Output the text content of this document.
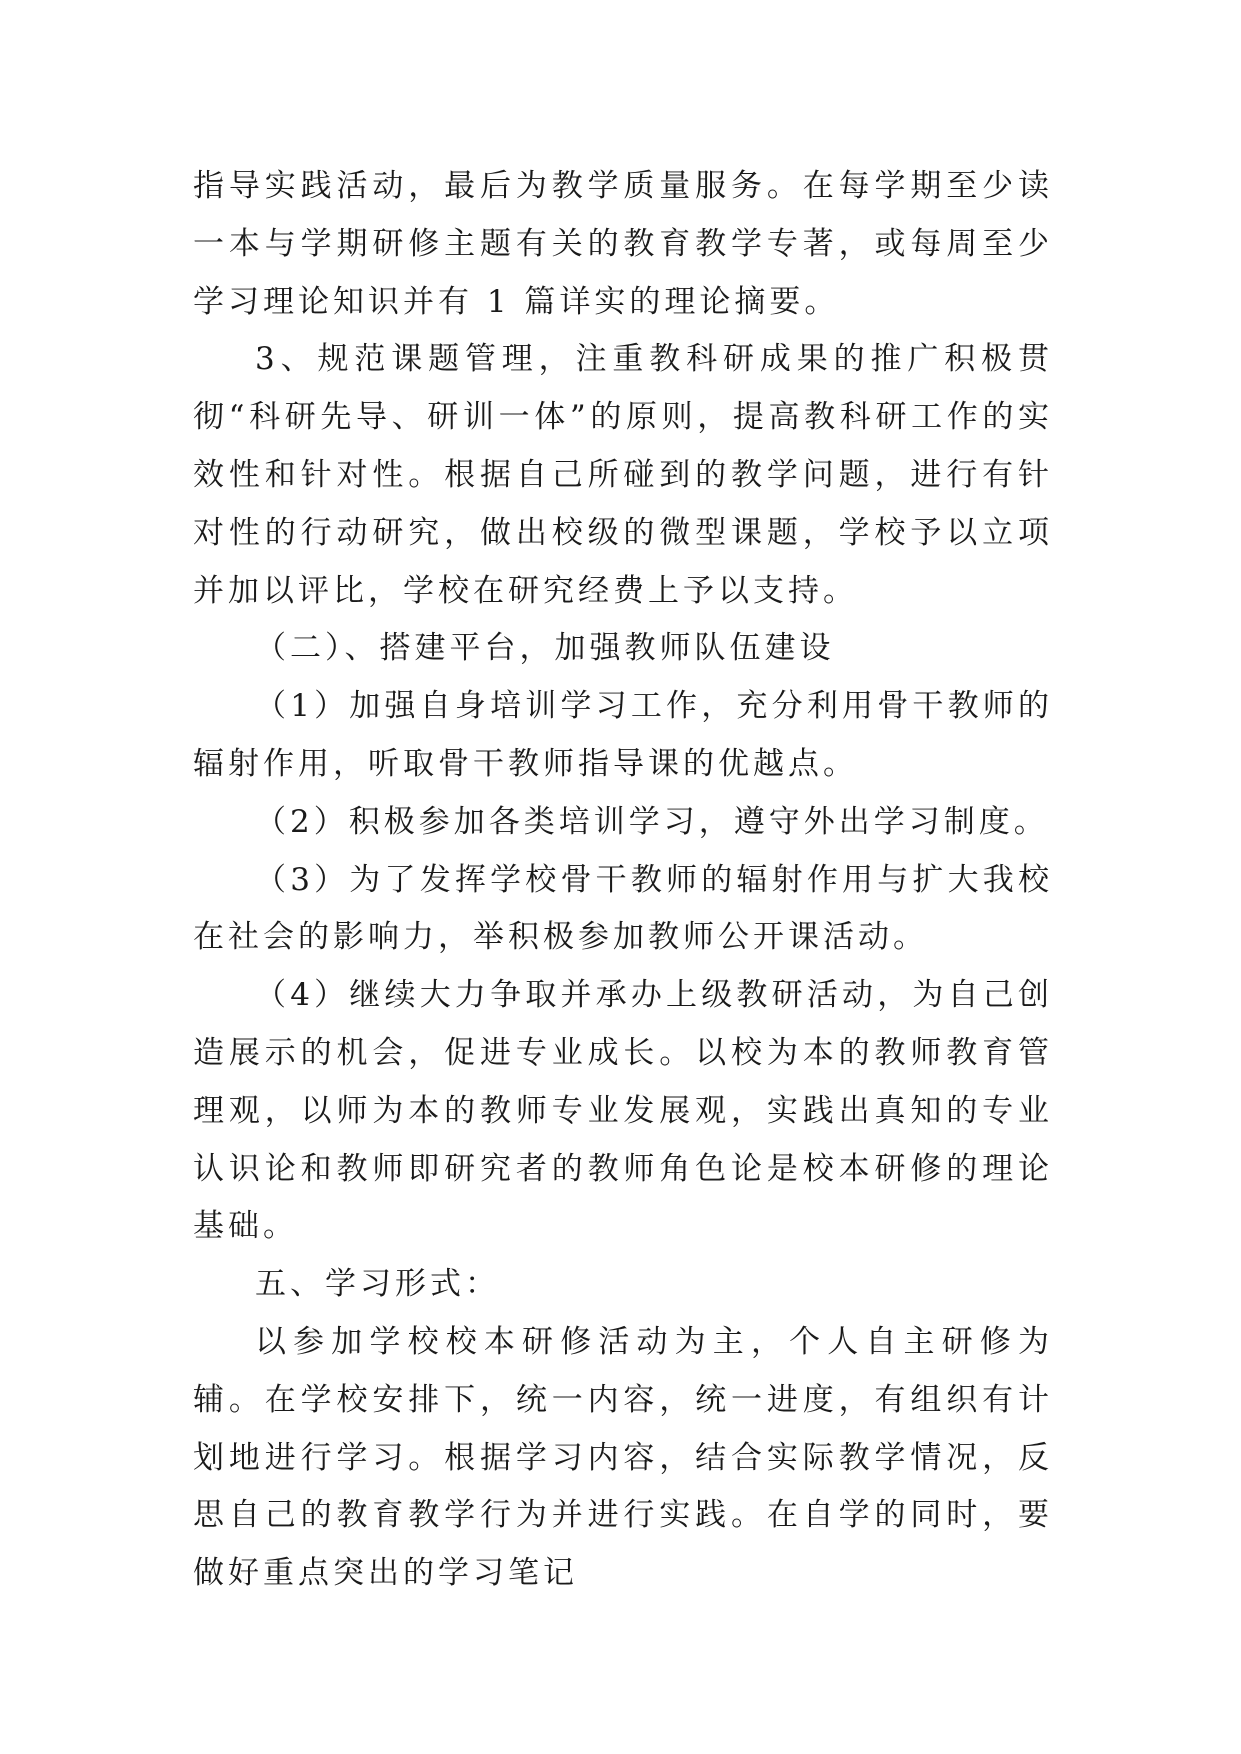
指导实践活动，最后为教学质量服务。在每学期至少读一本与学期研修主题有关的教育教学专著，或每周至少学习理论知识并有 1 篇详实的理论摘要。

3、规范课题管理，注重教科研成果的推广积极贯彻“科研先导、研训一体”的原则，提高教科研工作的实效性和针对性。根据自己所碰到的教学问题，进行有针对性的行动研究，做出校级的微型课题，学校予以立项并加以评比，学校在研究经费上予以支持。

（二）、搭建平台，加强教师队伍建设

（1）加强自身培训学习工作，充分利用骨干教师的辐射作用，听取骨干教师指导课的优越点。

（2）积极参加各类培训学习，遵守外出学习制度。

（3）为了发挥学校骨干教师的辐射作用与扩大我校在社会的影响力，举积极参加教师公开课活动。

（4）继续大力争取并承办上级教研活动，为自己创造展示的机会，促进专业成长。以校为本的教师教育管理观，以师为本的教师专业发展观，实践出真知的专业认识论和教师即研究者的教师角色论是校本研修的理论基础。

五、学习形式：

以参加学校校本研修活动为主，个人自主研修为辅。在学校安排下，统一内容，统一进度，有组织有计划地进行学习。根据学习内容，结合实际教学情况，反思自己的教育教学行为并进行实践。在自学的同时，要做好重点突出的学习笔记
